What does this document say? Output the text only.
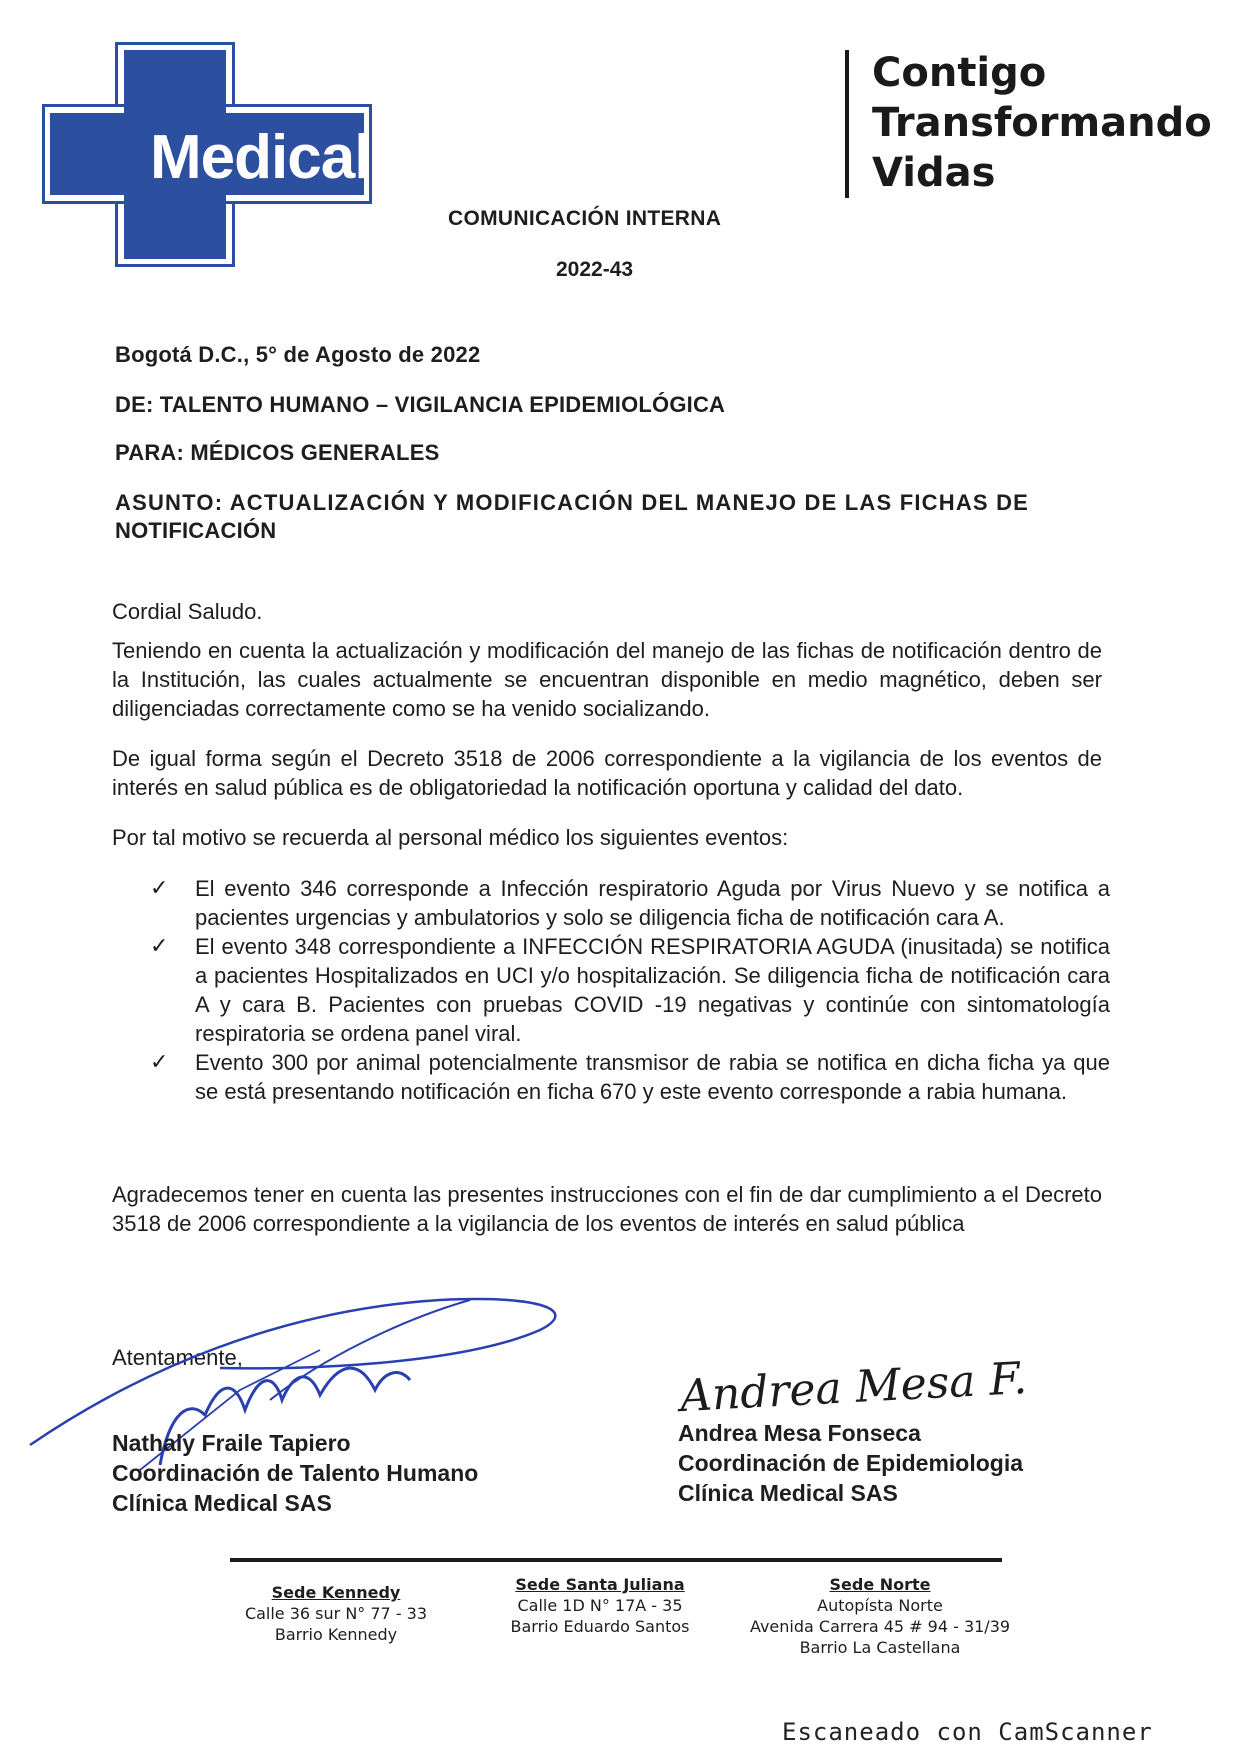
Medical
Contigo
Transformando
Vidas
COMUNICACIÓN INTERNA
2022-43
Bogotá D.C., 5° de Agosto de 2022
DE: TALENTO HUMANO – VIGILANCIA EPIDEMIOLÓGICA
PARA: MÉDICOS GENERALES
ASUNTO: ACTUALIZACIÓN Y MODIFICACIÓN DEL MANEJO DE LAS FICHAS DE
NOTIFICACIÓN
Cordial Saludo.
Teniendo en cuenta la actualización y modificación del manejo de las fichas de notificación dentro de la Institución, las cuales actualmente se encuentran disponible en medio magnético, deben ser diligenciadas correctamente como se ha venido socializando.
De igual forma según el Decreto 3518 de 2006 correspondiente a la vigilancia de los eventos de interés en salud pública es de obligatoriedad la notificación oportuna y calidad del dato.
Por tal motivo se recuerda al personal médico los siguientes eventos:
✓ El evento 346 corresponde a Infección respiratorio Aguda por Virus Nuevo y se notifica a pacientes urgencias y ambulatorios y solo se diligencia ficha de notificación cara A.
✓ El evento 348 correspondiente a INFECCIÓN RESPIRATORIA AGUDA (inusitada) se notifica a pacientes Hospitalizados en UCI y/o hospitalización. Se diligencia ficha de notificación cara A y cara B. Pacientes con pruebas COVID -19 negativas y continúe con sintomatología respiratoria se ordena panel viral.
✓ Evento 300 por animal potencialmente transmisor de rabia se notifica en dicha ficha ya que se está presentando notificación en ficha 670 y este evento corresponde a rabia humana.
Agradecemos tener en cuenta las presentes instrucciones con el fin de dar cumplimiento a el Decreto 3518 de 2006 correspondiente a la vigilancia de los eventos de interés en salud pública
Atentamente,
Nathaly Fraile Tapiero
Coordinación de Talento Humano
Clínica Medical SAS
Andrea Mesa F.
Andrea Mesa Fonseca
Coordinación de Epidemiologia
Clínica Medical SAS
Sede Kennedy
Calle 36 sur N° 77 - 33
Barrio Kennedy
Sede Santa Juliana
Calle 1D N° 17A - 35
Barrio Eduardo Santos
Sede Norte
Autopísta Norte
Avenida Carrera 45 # 94 - 31/39
Barrio La Castellana
Escaneado con CamScanner
